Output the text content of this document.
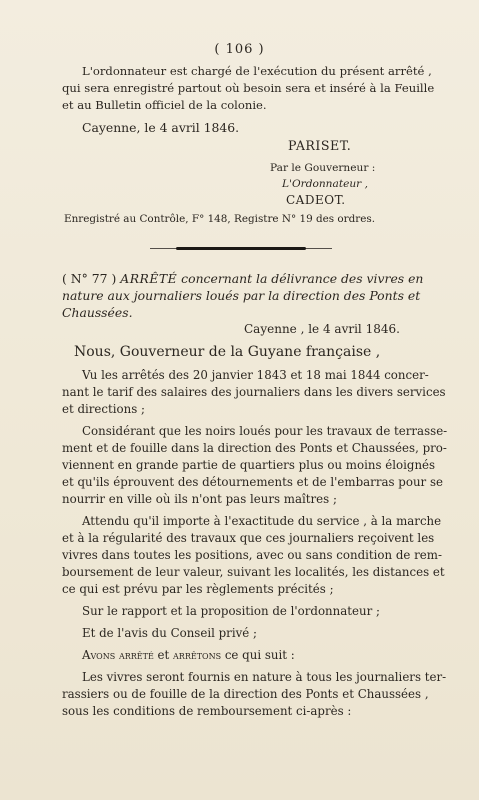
( 106 )
L'ordonnateur est chargé de l'exécution du présent arrêté ,
qui sera enregistré partout où besoin sera et inséré à la Feuille
et au Bulletin officiel de la colonie.
Cayenne, le 4 avril 1846.
PARISET.
Par le Gouverneur :
L'Ordonnateur ,
CADEOT.
Enregistré au Contrôle, F° 148, Registre N° 19 des ordres.
( N° 77 ) ARRÊTÉ concernant la délivrance des vivres en
nature aux journaliers loués par la direction des Ponts et
Chaussées.
Cayenne , le 4 avril 1846.
Nous, Gouverneur de la Guyane française ,
Vu les arrêtés des 20 janvier 1843 et 18 mai 1844 concer-
nant le tarif des salaires des journaliers dans les divers services
et directions ;
Considérant que les noirs loués pour les travaux de terrasse-
ment et de fouille dans la direction des Ponts et Chaussées, pro-
viennent en grande partie de quartiers plus ou moins éloignés
et qu'ils éprouvent des détournements et de l'embarras pour se
nourrir en ville où ils n'ont pas leurs maîtres ;
Attendu qu'il importe à l'exactitude du service , à la marche
et à la régularité des travaux que ces journaliers reçoivent les
vivres dans toutes les positions, avec ou sans condition de rem-
boursement de leur valeur, suivant les localités, les distances et
ce qui est prévu par les règlements précités ;
Sur le rapport et la proposition de l'ordonnateur ;
Et de l'avis du Conseil privé ;
Avons arrêté et arrêtons ce qui suit :
Les vivres seront fournis en nature à tous les journaliers ter-
rassiers ou de fouille de la direction des Ponts et Chaussées ,
sous les conditions de remboursement ci-après :
